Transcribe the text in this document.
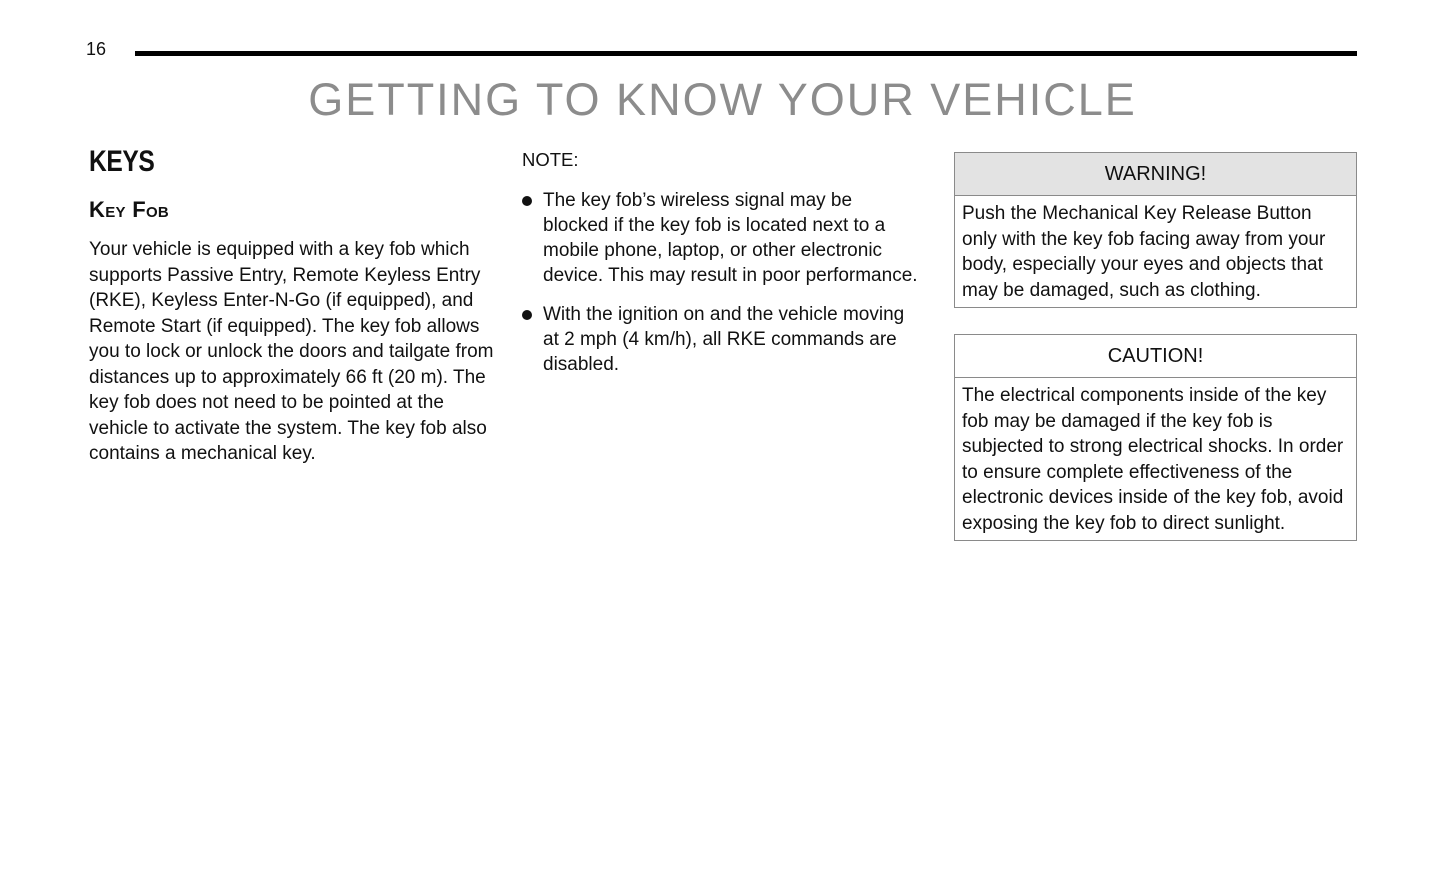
16
GETTING TO KNOW YOUR VEHICLE
KEYS
Key Fob

Your vehicle is equipped with a key fob which supports Passive Entry, Remote Keyless Entry (RKE), Keyless Enter-N-Go (if equipped), and Remote Start (if equipped). The key fob allows you to lock or unlock the doors and tailgate from distances up to approximately 66 ft (20 m). The key fob does not need to be pointed at the vehicle to activate the system. The key fob also contains a mechanical key.

NOTE:

The key fob’s wireless signal may be blocked if the key fob is located next to a mobile phone, laptop, or other electronic device. This may result in poor performance.
With the ignition on and the vehicle moving at 2 mph (4 km/h), all RKE commands are disabled.
WARNING!
Push the Mechanical Key Release Button only with the key fob facing away from your body, especially your eyes and objects that may be damaged, such as clothing.
CAUTION!
The electrical components inside of the key fob may be damaged if the key fob is subjected to strong electrical shocks. In order to ensure complete effectiveness of the electronic devices inside of the key fob, avoid exposing the key fob to direct sunlight.
